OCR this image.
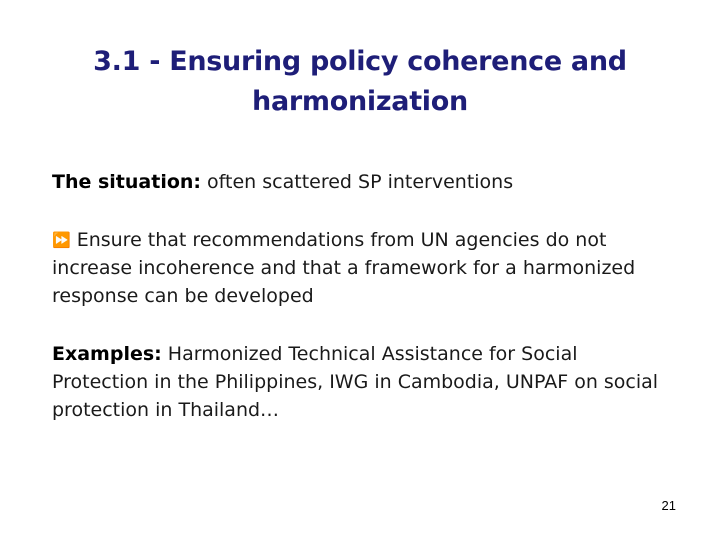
3.1 - Ensuring policy coherence and
harmonization
The situation: often scattered SP interventions
⏩ Ensure that recommendations from UN agencies do not increase incoherence and that a framework for a harmonized response can be developed
Examples: Harmonized Technical Assistance for Social Protection in the Philippines, IWG in Cambodia, UNPAF on social protection in Thailand…
21
